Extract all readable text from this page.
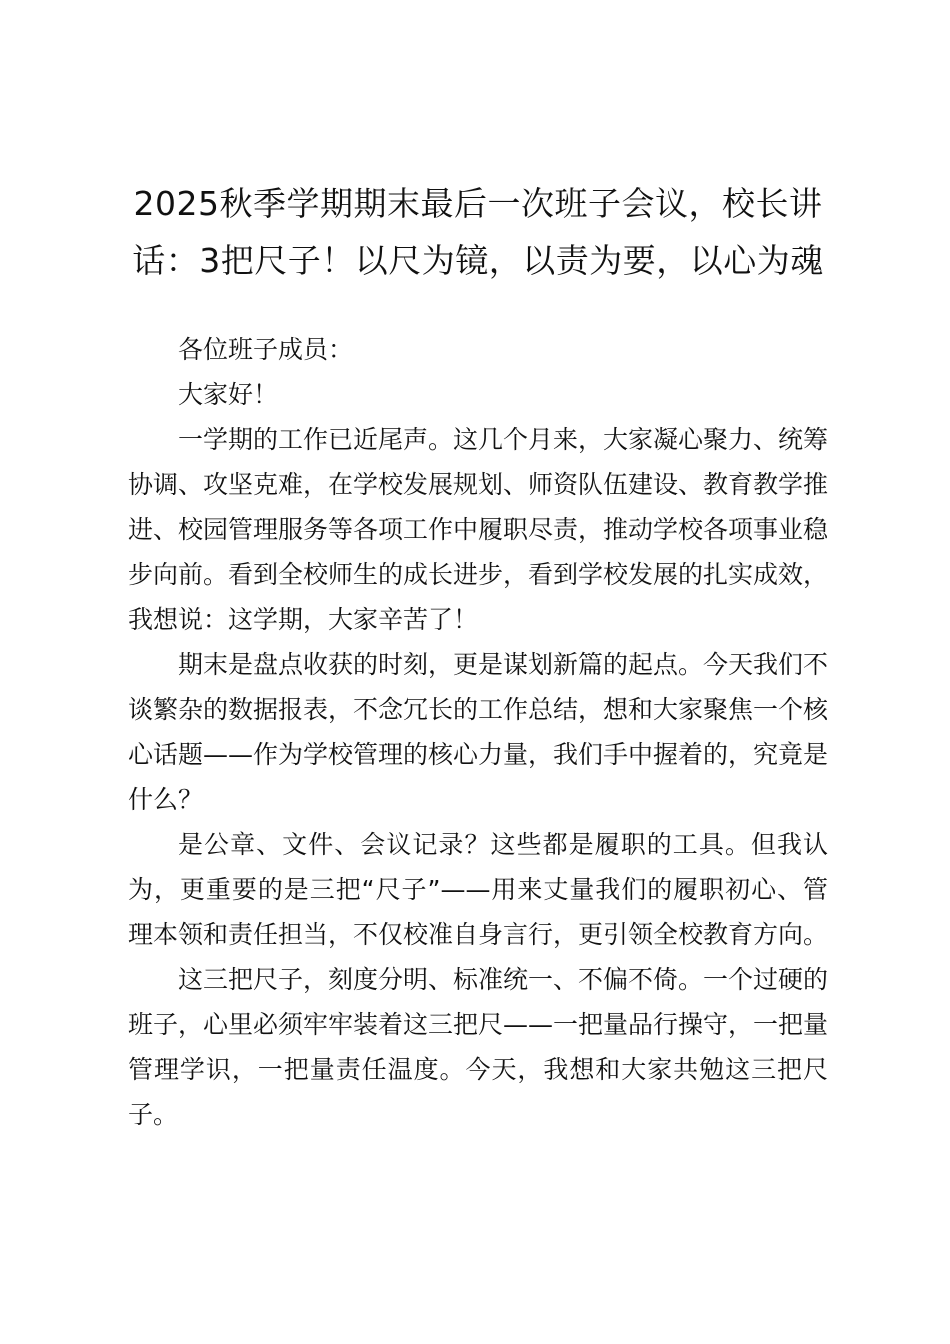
2025秋季学期期末最后一次班子会议，校长讲话：3把尺子！以尺为镜，以责为要，以心为魂

各位班子成员：

大家好！

一学期的工作已近尾声。这几个月来，大家凝心聚力、统筹协调、攻坚克难，在学校发展规划、师资队伍建设、教育教学推进、校园管理服务等各项工作中履职尽责，推动学校各项事业稳步向前。看到全校师生的成长进步，看到学校发展的扎实成效，我想说：这学期，大家辛苦了！

期末是盘点收获的时刻，更是谋划新篇的起点。今天我们不谈繁杂的数据报表，不念冗长的工作总结，想和大家聚焦一个核心话题——作为学校管理的核心力量，我们手中握着的，究竟是什么？

是公章、文件、会议记录？这些都是履职的工具。但我认为，更重要的是三把“尺子”——用来丈量我们的履职初心、管理本领和责任担当，不仅校准自身言行，更引领全校教育方向。

这三把尺子，刻度分明、标准统一、不偏不倚。一个过硬的班子，心里必须牢牢装着这三把尺——一把量品行操守，一把量管理学识，一把量责任温度。今天，我想和大家共勉这三把尺子。
